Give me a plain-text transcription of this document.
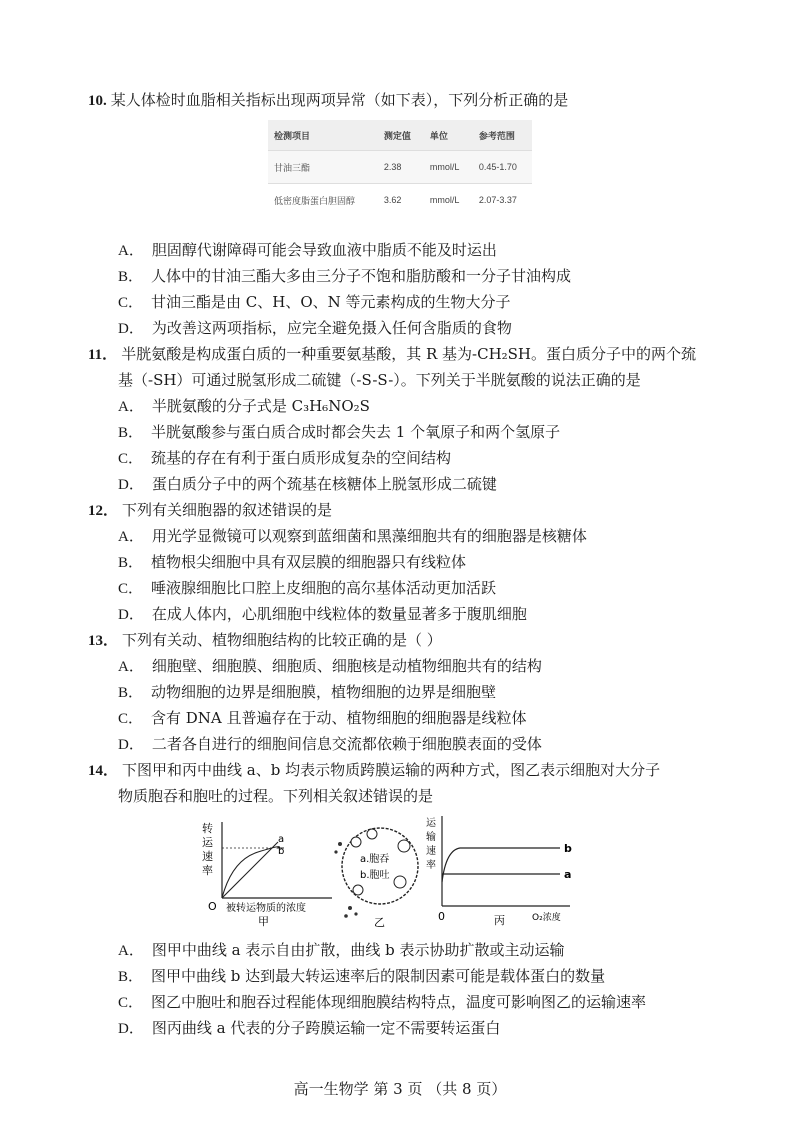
10. 某人体检时血脂相关指标出现两项异常（如下表），下列分析正确的是
检测项目	测定值	单位	参考范围
甘油三酯	2.38	mmol/L	0.45-1.70
低密度脂蛋白胆固醇	3.62	mmol/L	2.07-3.37
A． 胆固醇代谢障碍可能会导致血液中脂质不能及时运出
B． 人体中的甘油三酯大多由三分子不饱和脂肪酸和一分子甘油构成
C． 甘油三酯是由 C、H、O、N 等元素构成的生物大分子
D． 为改善这两项指标，应完全避免摄入任何含脂质的食物
11． 半胱氨酸是构成蛋白质的一种重要氨基酸，其 R 基为-CH₂SH。蛋白质分子中的两个巯
基（-SH）可通过脱氢形成二硫键（-S-S-）。下列关于半胱氨酸的说法正确的是
A． 半胱氨酸的分子式是 C₃H₆NO₂S
B． 半胱氨酸参与蛋白质合成时都会失去 1 个氧原子和两个氢原子
C． 巯基的存在有利于蛋白质形成复杂的空间结构
D． 蛋白质分子中的两个巯基在核糖体上脱氢形成二硫键
12． 下列有关细胞器的叙述错误的是
A． 用光学显微镜可以观察到蓝细菌和黑藻细胞共有的细胞器是核糖体
B． 植物根尖细胞中具有双层膜的细胞器只有线粒体
C． 唾液腺细胞比口腔上皮细胞的高尔基体活动更加活跃
D． 在成人体内，心肌细胞中线粒体的数量显著多于腹肌细胞
13． 下列有关动、植物细胞结构的比较正确的是（ ）
A． 细胞壁、细胞膜、细胞质、细胞核是动植物细胞共有的结构
B． 动物细胞的边界是细胞膜，植物细胞的边界是细胞壁
C． 含有 DNA 且普遍存在于动、植物细胞的细胞器是线粒体
D． 二者各自进行的细胞间信息交流都依赖于细胞膜表面的受体
14． 下图甲和丙中曲线 a、b 均表示物质跨膜运输的两种方式，图乙表示细胞对大分子
物质胞吞和胞吐的过程。下列相关叙述错误的是
转
运
速
率
a
b
O 被转运物质的浓度
甲
a.胞吞
b.胞吐
乙
运
输
速
率
b
a
0	丙	O₂浓度
A． 图甲中曲线 a 表示自由扩散，曲线 b 表示协助扩散或主动运输
B． 图甲中曲线 b 达到最大转运速率后的限制因素可能是载体蛋白的数量
C． 图乙中胞吐和胞吞过程能体现细胞膜结构特点，温度可影响图乙的运输速率
D． 图丙曲线 a 代表的分子跨膜运输一定不需要转运蛋白
高一生物学 第 3 页 （共 8 页）
